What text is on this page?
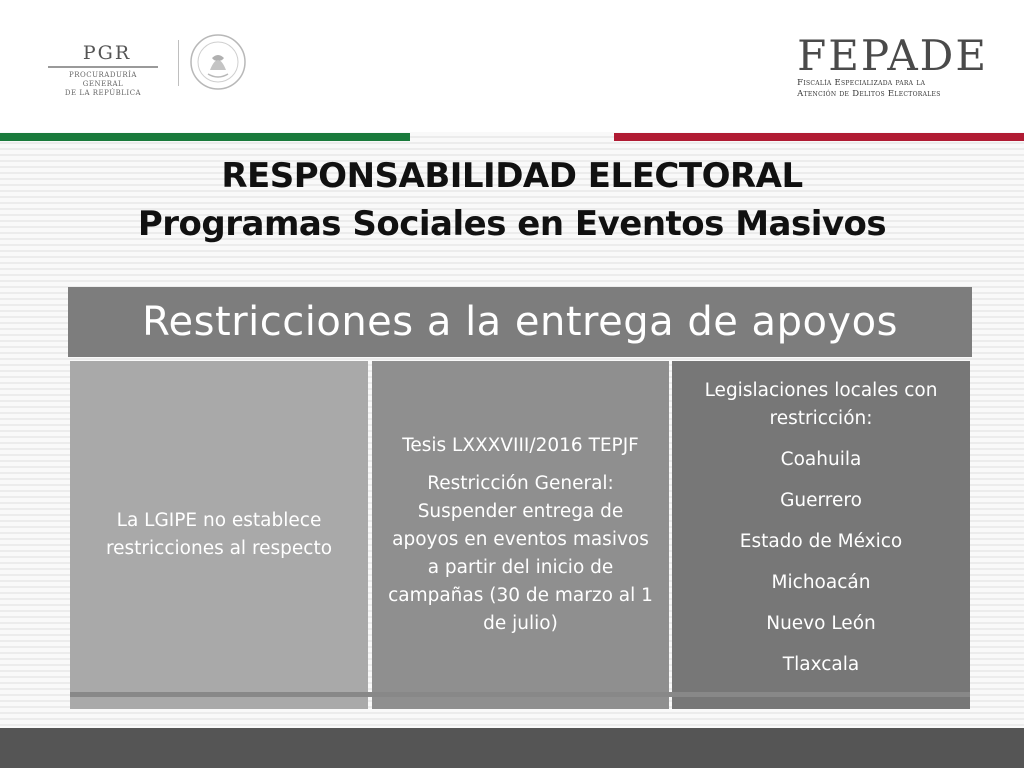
PGR
PROCURADURÍA GENERAL
DE LA REPÚBLICA
FEPADE
Fiscalía Especializada para la
Atención de Delitos Electorales
RESPONSABILIDAD ELECTORAL
Programas Sociales en Eventos Masivos
Restricciones a la entrega de apoyos

La LGIPE no establece restricciones al respecto

Tesis LXXXVIII/2016 TEPJF

Restricción General: Suspender entrega de apoyos en eventos masivos a partir del inicio de campañas (30 de marzo al 1 de julio)

Legislaciones locales con restricción:

Coahuila

Guerrero

Estado de México

Michoacán

Nuevo León

Tlaxcala
